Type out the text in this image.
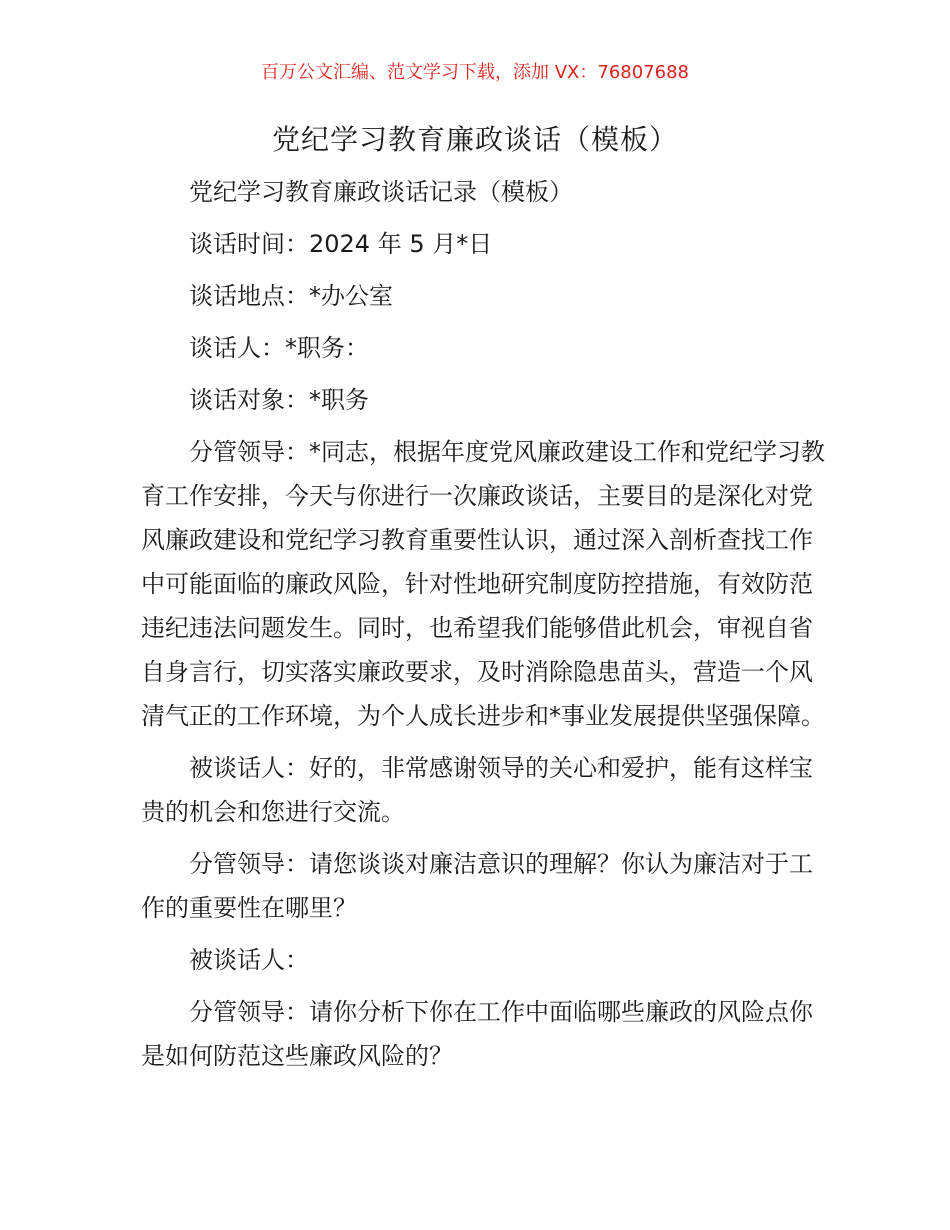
百万公文汇编、范文学习下载，添加 VX：76807688
党纪学习教育廉政谈话（模板）

党纪学习教育廉政谈话记录（模板）

谈话时间：2024 年 5 月*日

谈话地点：*办公室

谈话人：*职务：

谈话对象：*职务

分管领导：*同志，根据年度党风廉政建设工作和党纪学习教育工作安排，今天与你进行一次廉政谈话，主要目的是深化对党风廉政建设和党纪学习教育重要性认识，通过深入剖析查找工作中可能面临的廉政风险，针对性地研究制度防控措施，有效防范违纪违法问题发生。同时，也希望我们能够借此机会，审视自省自身言行，切实落实廉政要求，及时消除隐患苗头，营造一个风清气正的工作环境，为个人成长进步和*事业发展提供坚强保障。

被谈话人：好的，非常感谢领导的关心和爱护，能有这样宝贵的机会和您进行交流。

分管领导：请您谈谈对廉洁意识的理解？你认为廉洁对于工作的重要性在哪里？

被谈话人：

分管领导：请你分析下你在工作中面临哪些廉政的风险点你是如何防范这些廉政风险的？
